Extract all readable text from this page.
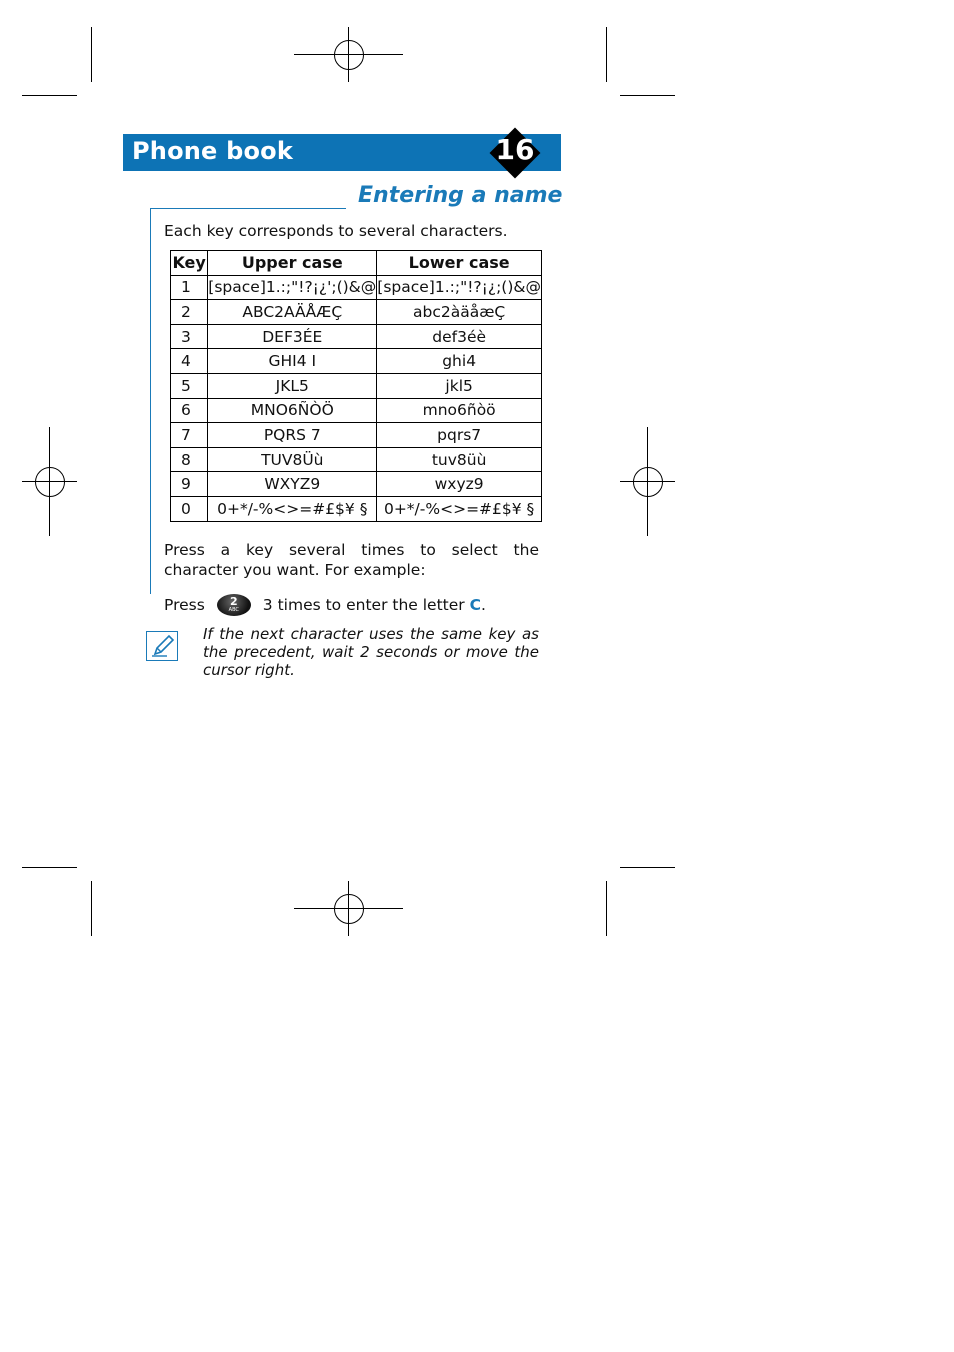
Phone book	16
Entering a name
Each key corresponds to several characters.
Key	Upper case	Lower case
1	[space]1.:;"!?¡¿';()&@	[space]1.:;"!?¡¿;()&@
2	ABC2AÄÅÆÇ	abc2àäåæÇ
3	DEF3ÉE	def3éè
4	GHI4 I	ghi4
5	JKL5	jkl5
6	MNO6ÑÒÖ	mno6ñòö
7	PQRS 7	pqrs7
8	TUV8Üù	tuv8üù
9	WXYZ9	wxyz9
0	0+*/-%<>=#£$¥ §	0+*/-%<>=#£$¥ §
Press a key several times to select the character you want. For example:
Press	2
ABC	3 times to enter the letter
C .
If the next character uses the same key as the precedent, wait 2 seconds or move the cursor right.
